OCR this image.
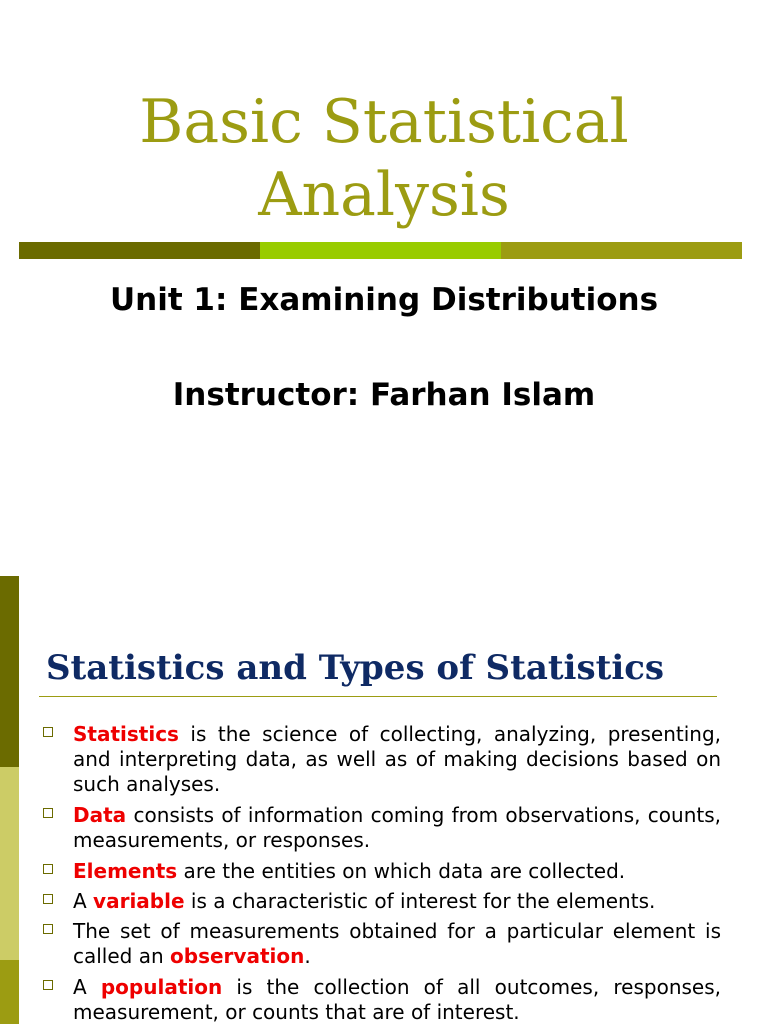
Basic Statistical
Analysis
Unit 1: Examining Distributions
Instructor: Farhan Islam
Statistics and Types of Statistics
Statistics is the science of collecting, analyzing, presenting, and interpreting data, as well as of making decisions based on such analyses.
Data consists of information coming from observations, counts, measurements, or responses.
Elements are the entities on which data are collected.
A variable is a characteristic of interest for the elements.
The set of measurements obtained for a particular element is called an observation.
A population is the collection of all outcomes, responses, measurement, or counts that are of interest.
